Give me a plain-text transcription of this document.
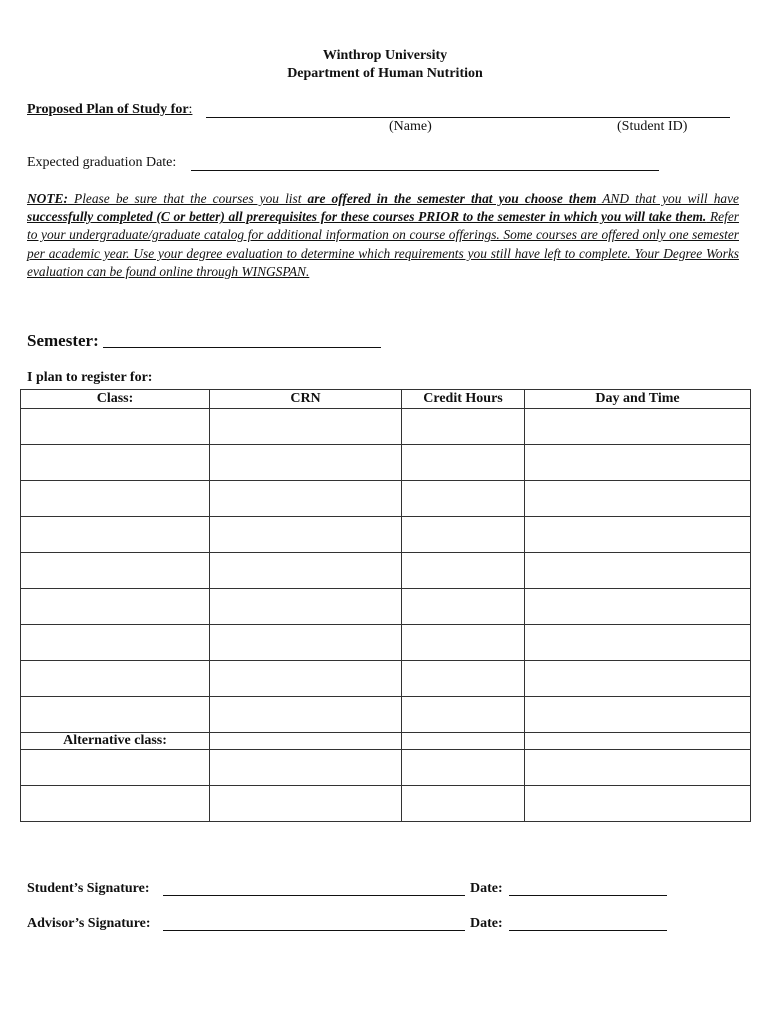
Winthrop University
Department of Human Nutrition
Proposed Plan of Study for:
(Name)	(Student ID)
Expected graduation Date:
NOTE: Please be sure that the courses you list are offered in the semester that you choose them AND that you will have successfully completed (C or better) all prerequisites for these courses PRIOR to the semester in which you will take them. Refer to your undergraduate/graduate catalog for additional information on course offerings. Some courses are offered only one semester per academic year. Use your degree evaluation to determine which requirements you still have left to complete. Your Degree Works evaluation can be found online through WINGSPAN.
Semester:
I plan to register for:
Class:	CRN	Credit Hours	Day and Time

Alternative class:			

Student’s Signature:	Date:
Advisor’s Signature:	Date:
